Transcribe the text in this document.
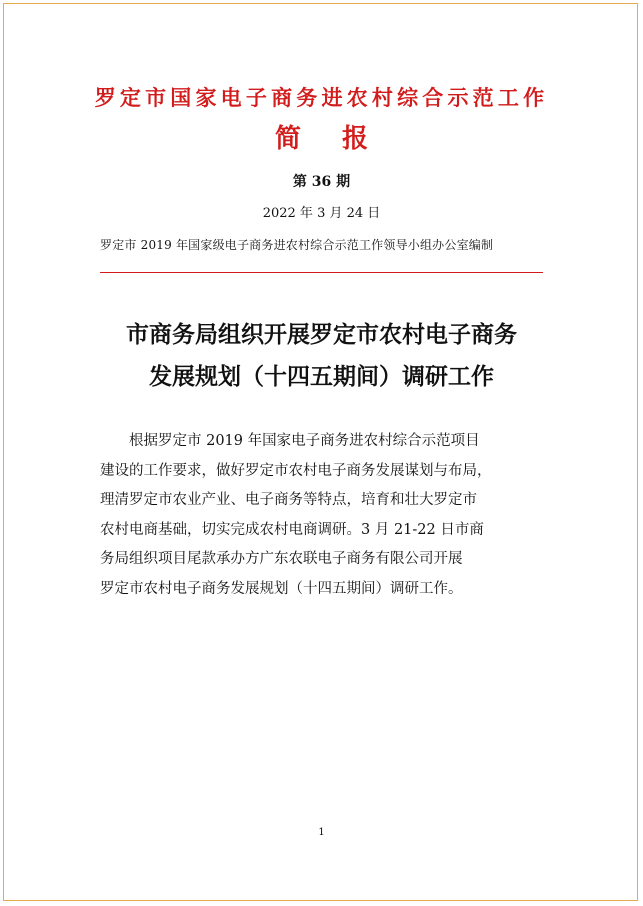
罗定市国家电子商务进农村综合示范工作
简 报
第 36 期
2022 年 3 月 24 日
罗定市 2019 年国家级电子商务进农村综合示范工作领导小组办公室编制
市商务局组织开展罗定市农村电子商务
发展规划（十四五期间）调研工作
　　根据罗定市 2019 年国家电子商务进农村综合示范项目
建设的工作要求，做好罗定市农村电子商务发展谋划与布局，
理清罗定市农业产业、电子商务等特点，培育和壮大罗定市
农村电商基础，切实完成农村电商调研。3 月 21-22 日市商
务局组织项目尾款承办方广东农联电子商务有限公司开展
罗定市农村电子商务发展规划（十四五期间）调研工作。
1
